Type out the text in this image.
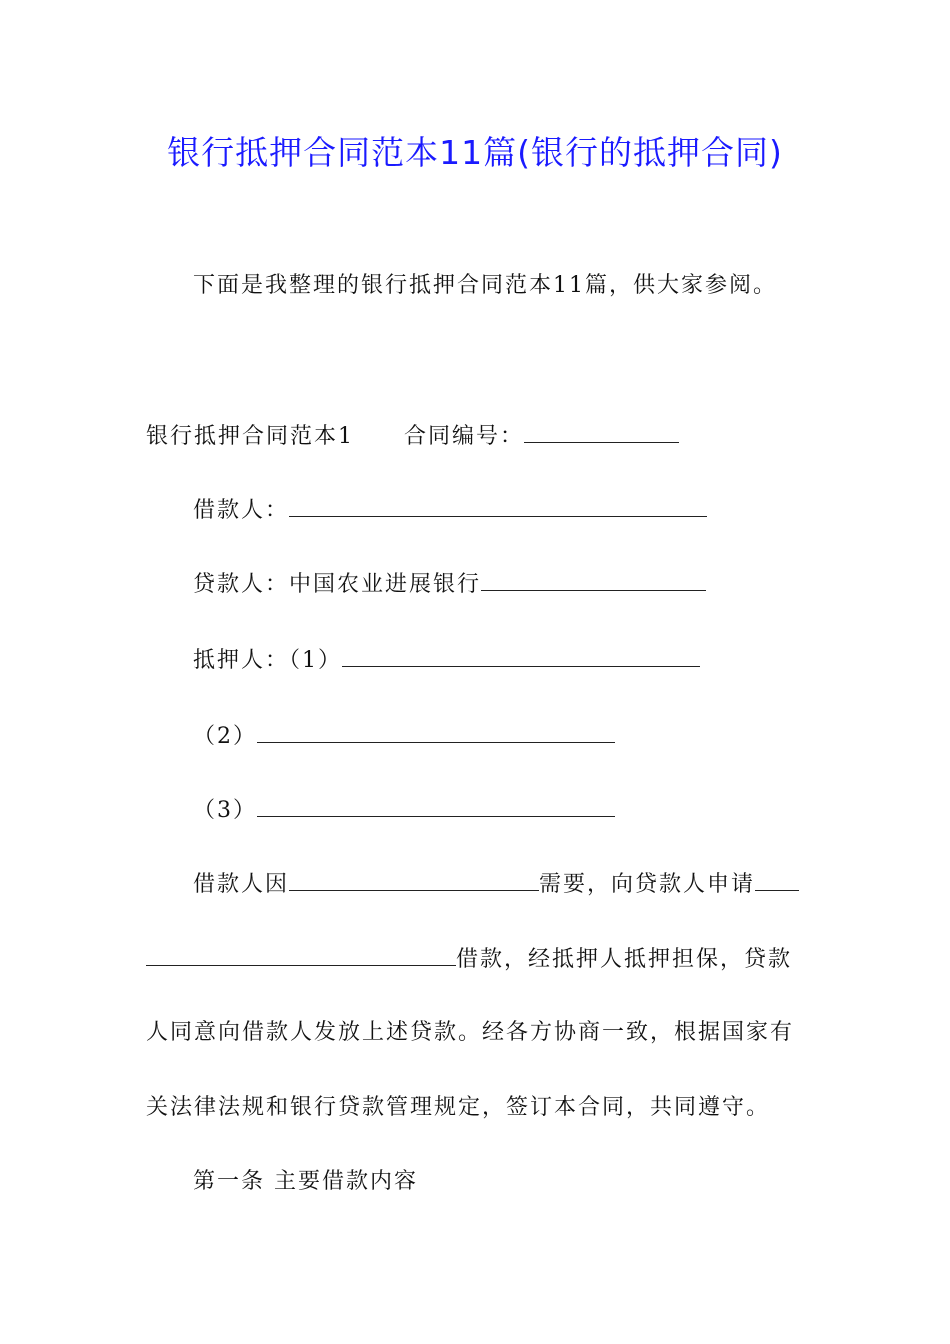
银行抵押合同范本11篇(银行的抵押合同)
下面是我整理的银行抵押合同范本11篇，供大家参阅。
银行抵押合同范本1 合同编号：
借款人：
贷款人：中国农业进展银行
抵押人：（1）
（2）
（3）
借款人因	需要，向贷款人申请
借款，经抵押人抵押担保，贷款
人同意向借款人发放上述贷款。经各方协商一致，根据国家有
关法律法规和银行贷款管理规定，签订本合同，共同遵守。
第一条 主要借款内容
